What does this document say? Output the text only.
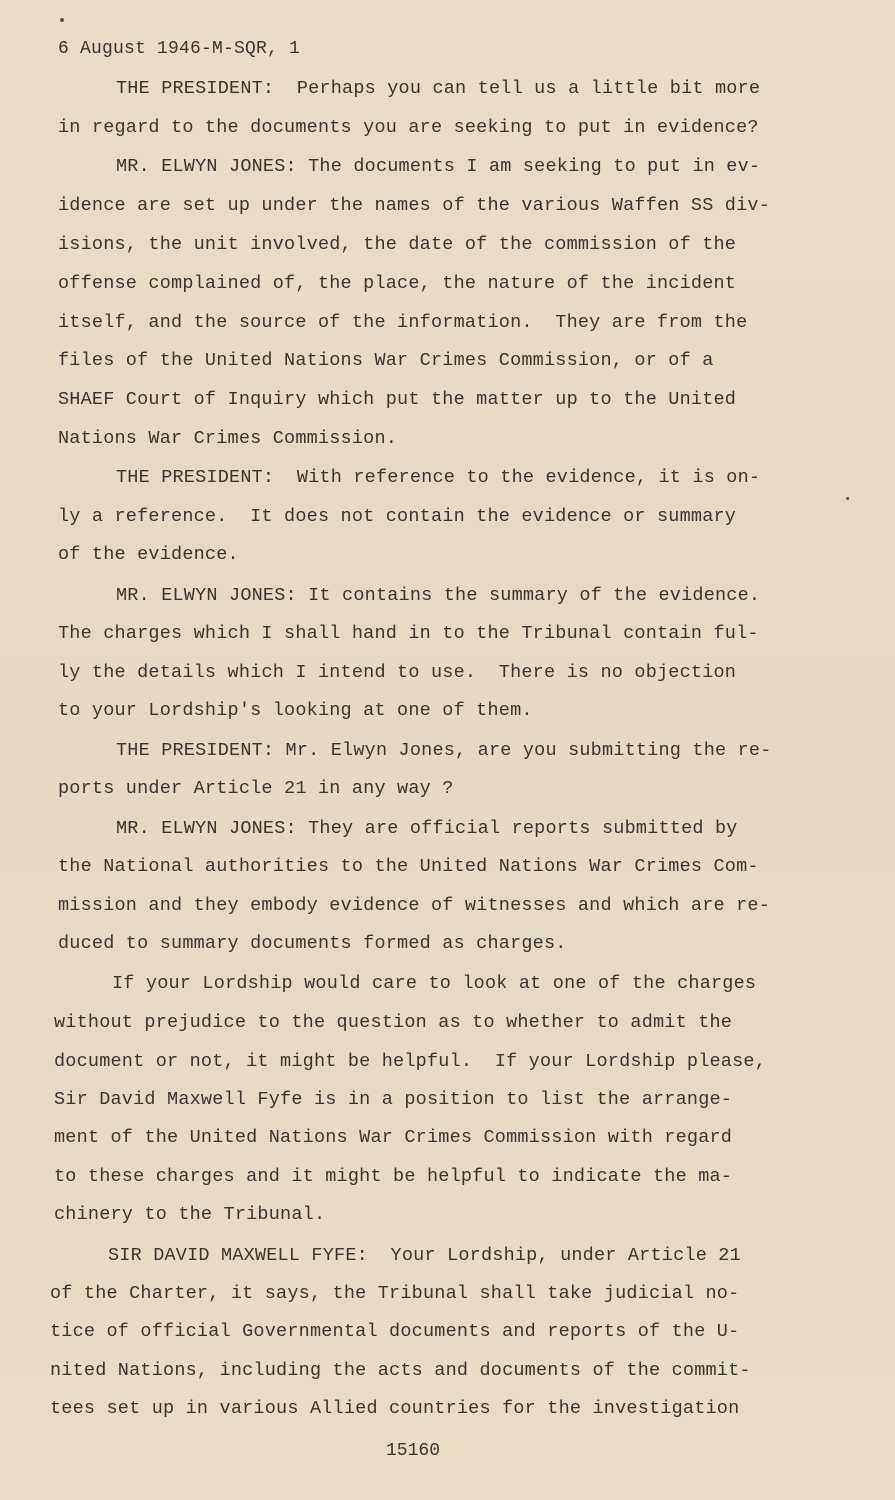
6 August 1946-M-SQR, 1
THE PRESIDENT:  Perhaps you can tell us a little bit more
in regard to the documents you are seeking to put in evidence?
MR. ELWYN JONES: The documents I am seeking to put in ev-
idence are set up under the names of the various Waffen SS div-
isions, the unit involved, the date of the commission of the
offense complained of, the place, the nature of the incident
itself, and the source of the information.  They are from the
files of the United Nations War Crimes Commission, or of a
SHAEF Court of Inquiry which put the matter up to the United
Nations War Crimes Commission.
THE PRESIDENT:  With reference to the evidence, it is on-
ly a reference.  It does not contain the evidence or summary
of the evidence.
MR. ELWYN JONES: It contains the summary of the evidence.
The charges which I shall hand in to the Tribunal contain ful-
ly the details which I intend to use.  There is no objection
to your Lordship's looking at one of them.
THE PRESIDENT: Mr. Elwyn Jones, are you submitting the re-
ports under Article 21 in any way ?
MR. ELWYN JONES: They are official reports submitted by
the National authorities to the United Nations War Crimes Com-
mission and they embody evidence of witnesses and which are re-
duced to summary documents formed as charges.
If your Lordship would care to look at one of the charges
without prejudice to the question as to whether to admit the
document or not, it might be helpful.  If your Lordship please,
Sir David Maxwell Fyfe is in a position to list the arrange-
ment of the United Nations War Crimes Commission with regard
to these charges and it might be helpful to indicate the ma-
chinery to the Tribunal.
SIR DAVID MAXWELL FYFE:  Your Lordship, under Article 21
of the Charter, it says, the Tribunal shall take judicial no-
tice of official Governmental documents and reports of the U-
nited Nations, including the acts and documents of the commit-
tees set up in various Allied countries for the investigation
15160
